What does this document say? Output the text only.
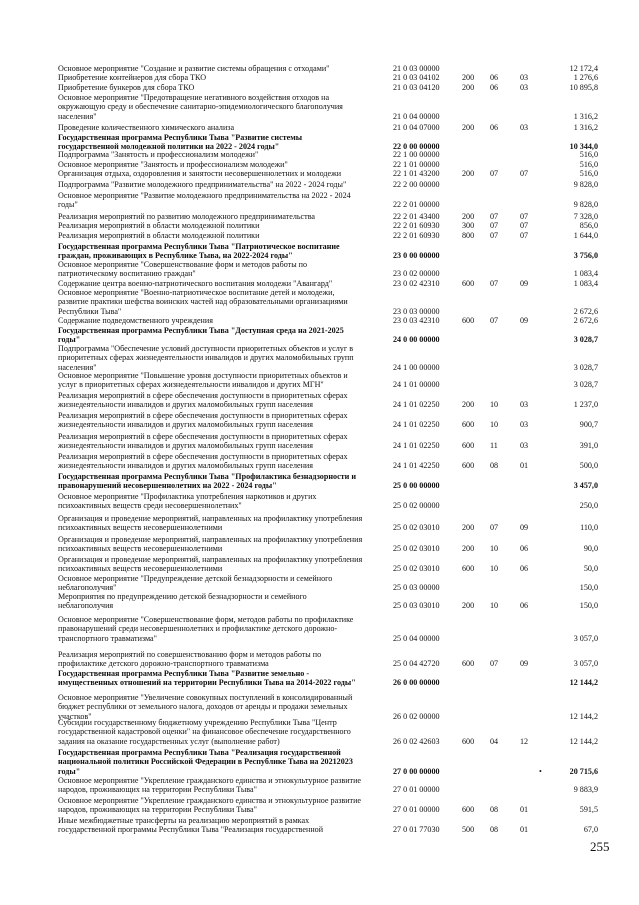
Основное мероприятие "Создание и развитие системы обращения с отходами"	21 0 03 00000	12 172,4
Приобретение контейнеров для сбора ТКО	21 0 03 04102	200	06	03	1 276,6
Приобретение бункеров для сбора ТКО	21 0 03 04120	200	06	03	10 895,8
Основное мероприятие "Предотвращение негативного воздействия отходов на
окружающую среду и обеспечение санитарно-эпидемиологического благополучия
населения"	21 0 04 00000	1 316,2
Проведение количественного химического анализа	21 0 04 07000	200	06	03	1 316,2
Государственная программа Республики Тыва "Развитие системы
государственной молодежной политики на 2022 - 2024 годы"	22 0 00 00000	10 344,0
Подпрограмма "Занятость и профессионализм молодежи"	22 1 00 00000	516,0
Основное мероприятие "Занятость и профессионализм молодежи"	22 1 01 00000	516,0
Организация отдыха, оздоровления и занятости несовершеннолетних и молодежи	22 1 01 43200	200	07	07	516,0
Подпрограмма "Развитие молодежного предпринимательства" на 2022 - 2024 годы"	22 2 00 00000	9 828,0
Основное мероприятие "Развитие молодежного предпринимательства на 2022 - 2024
годы"	22 2 01 00000	9 828,0
Реализация мероприятий по развитию молодежного предпринимательства	22 2 01 43400	200	07	07	7 328,0
Реализация мероприятий в области молодежной политики	22 2 01 60930	300	07	07	856,0
Реализация мероприятий в области молодежной политики	22 2 01 60930	800	07	07	1 644,0
Государственная программа Республики Тыва "Патриотическое воспитание
граждан, проживающих в Республике Тыва, на 2022-2024 годы"	23 0 00 00000	3 756,0
Основное мероприятие "Совершенствование форм и методов работы по
патриотическому воспитанию граждан"	23 0 02 00000	1 083,4
Содержание центра военно-патриотического воспитания молодежи "Авангард"	23 0 02 42310	600	07	09	1 083,4
Основное мероприятие "Военно-патриотическое воспитание детей и молодежи,
развитие практики шефства воинских частей над образовательными организациями
Республики Тыва"	23 0 03 00000	2 672,6
Содержание подведомственного учреждения	23 0 03 42310	600	07	09	2 672,6
Государственная программа Республики Тыва "Доступная среда на 2021-2025
годы"	24 0 00 00000	3 028,7
Подпрограмма "Обеспечение условий доступности приоритетных объектов и услуг в
приоритетных сферах жизнедеятельности инвалидов и других маломобильных групп
населения"	24 1 00 00000	3 028,7
Основное мероприятие "Повышение уровня доступности приоритетных объектов и
услуг в приоритетных сферах жизнедеятельности инвалидов и других МГН"	24 1 01 00000	3 028,7
Реализация мероприятий в сфере обеспечения доступности в приоритетных сферах
жизнедеятельности инвалидов и других маломобильных групп населения	24 1 01 02250	200	10	03	1 237,0
Реализация мероприятий в сфере обеспечения доступности в приоритетных сферах
жизнедеятельности инвалидов и других маломобильных групп населения	24 1 01 02250	600	10	03	900,7
Реализация мероприятий в сфере обеспечения доступности в приоритетных сферах
жизнедеятельности инвалидов и других маломобильных групп населения	24 1 01 02250	600	11	03	391,0
Реализация мероприятий в сфере обеспечения доступности в приоритетных сферах
жизнедеятельности инвалидов и других маломобильных групп населения	24 1 01 42250	600	08	01	500,0
Государственная программа Республики Тыва "Профилактика безнадзорности и
правонарушений несовершеннолетних на 2022 - 2024 годы"	25 0 00 00000	3 457,0
Основное мероприятие "Профилактика употребления наркотиков и других
психоактивных веществ среди несовершеннолетних"	25 0 02 00000	250,0
Организация и проведение мероприятий, направленных на профилактику употребления
психоактивных веществ несовершеннолетними	25 0 02 03010	200	07	09	110,0
Организация и проведение мероприятий, направленных на профилактику употребления
психоактивных веществ несовершеннолетними	25 0 02 03010	200	10	06	90,0
Организация и проведение мероприятий, направленных на профилактику употребления
психоактивных веществ несовершеннолетними	25 0 02 03010	600	10	06	50,0
Основное мероприятие "Предупреждение детской безнадзорности и семейного
неблагополучия"	25 0 03 00000	150,0
Мероприятия по предупреждению детской безнадзорности и семейного
неблагополучия	25 0 03 03010	200	10	06	150,0
Основное мероприятие "Совершенствование форм, методов работы по профилактике
правонарушений среди несовершеннолетних и профилактике детского дорожно-
транспортного травматизма"	25 0 04 00000	3 057,0
Реализация мероприятий по совершенствованию форм и методов работы по
профилактике детского дорожно-транспортного травматизма	25 0 04 42720	600	07	09	3 057,0
Государственная программа Республики Тыва "Развитие земельно -
имущественных отношений на территории Республики Тыва на 2014-2022 годы"	26 0 00 00000	12 144,2
Основное мероприятие "Увеличение совокупных поступлений в консолидированный
бюджет республики от земельного налога, доходов от аренды и продажи земельных
участков"	26 0 02 00000	12 144,2
Субсидии государственному бюджетному учреждению Республики Тыва "Центр
государственной кадастровой оценки" на финансовое обеспечение государственного
задания на оказание государственных услуг (выполнение работ)	26 0 02 42603	600	04	12	12 144,2
Государственная программа Республики Тыва "Реализация государственной
национальной политики Российской Федерации в Республике Тыва на 20212023
годы"	27 0 00 00000	20 715,6
Основное мероприятие "Укрепление гражданского единства и этнокультурное развитие
народов, проживающих на территории Республики Тыва"	27 0 01 00000	9 883,9
Основное мероприятие "Укрепление гражданского единства и этнокультурное развитие
народов, проживающих на территории Республики Тыва"	27 0 01 00000	600	08	01	591,5
Иные межбюджетные трансферты на реализацию мероприятий в рамках
государственной программы Республики Тыва "Реализация государственной	27 0 01 77030	500	08	01	67,0
•
255
